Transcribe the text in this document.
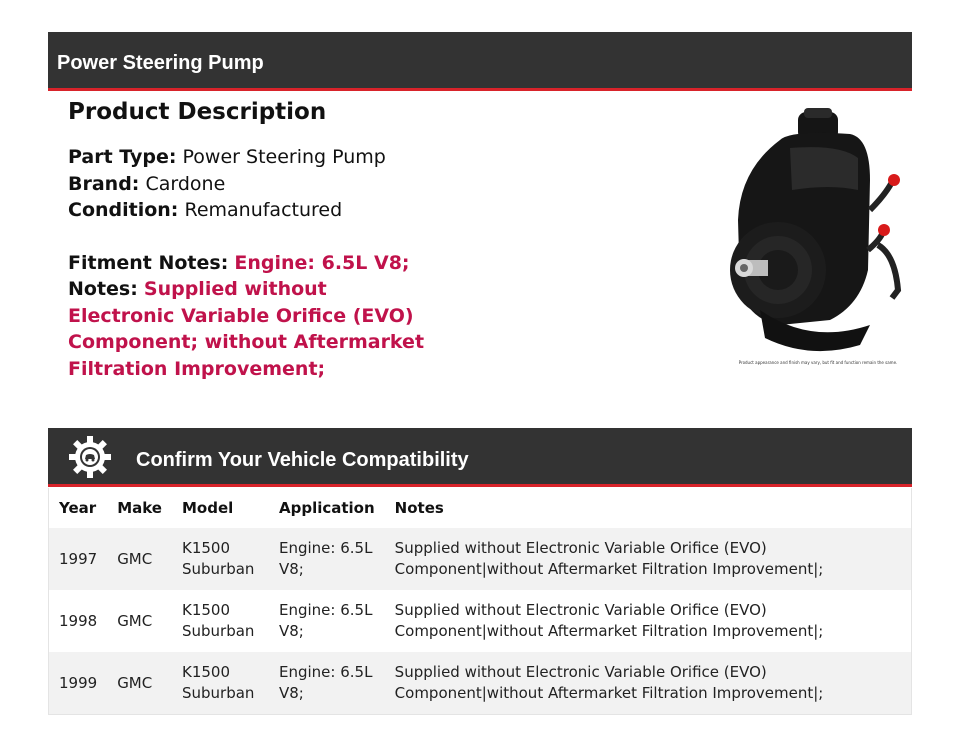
Power Steering Pump
Product Description

Part Type: Power Steering Pump

Brand: Cardone

Condition: Remanufactured

Fitment Notes: Engine: 6.5L V8;

Notes: Supplied without Electronic Variable Orifice (EVO) Component; without Aftermarket Filtration Improvement;	Product appearance and finish may vary, but fit and function remain the same.
Confirm Your Vehicle Compatibility
Year	Make	Model	Application	Notes
1997	GMC	K1500 Suburban	Engine: 6.5L V8;	Supplied without Electronic Variable Orifice (EVO) Component|without Aftermarket Filtration Improvement|;
1998	GMC	K1500 Suburban	Engine: 6.5L V8;	Supplied without Electronic Variable Orifice (EVO) Component|without Aftermarket Filtration Improvement|;
1999	GMC	K1500 Suburban	Engine: 6.5L V8;	Supplied without Electronic Variable Orifice (EVO) Component|without Aftermarket Filtration Improvement|;
